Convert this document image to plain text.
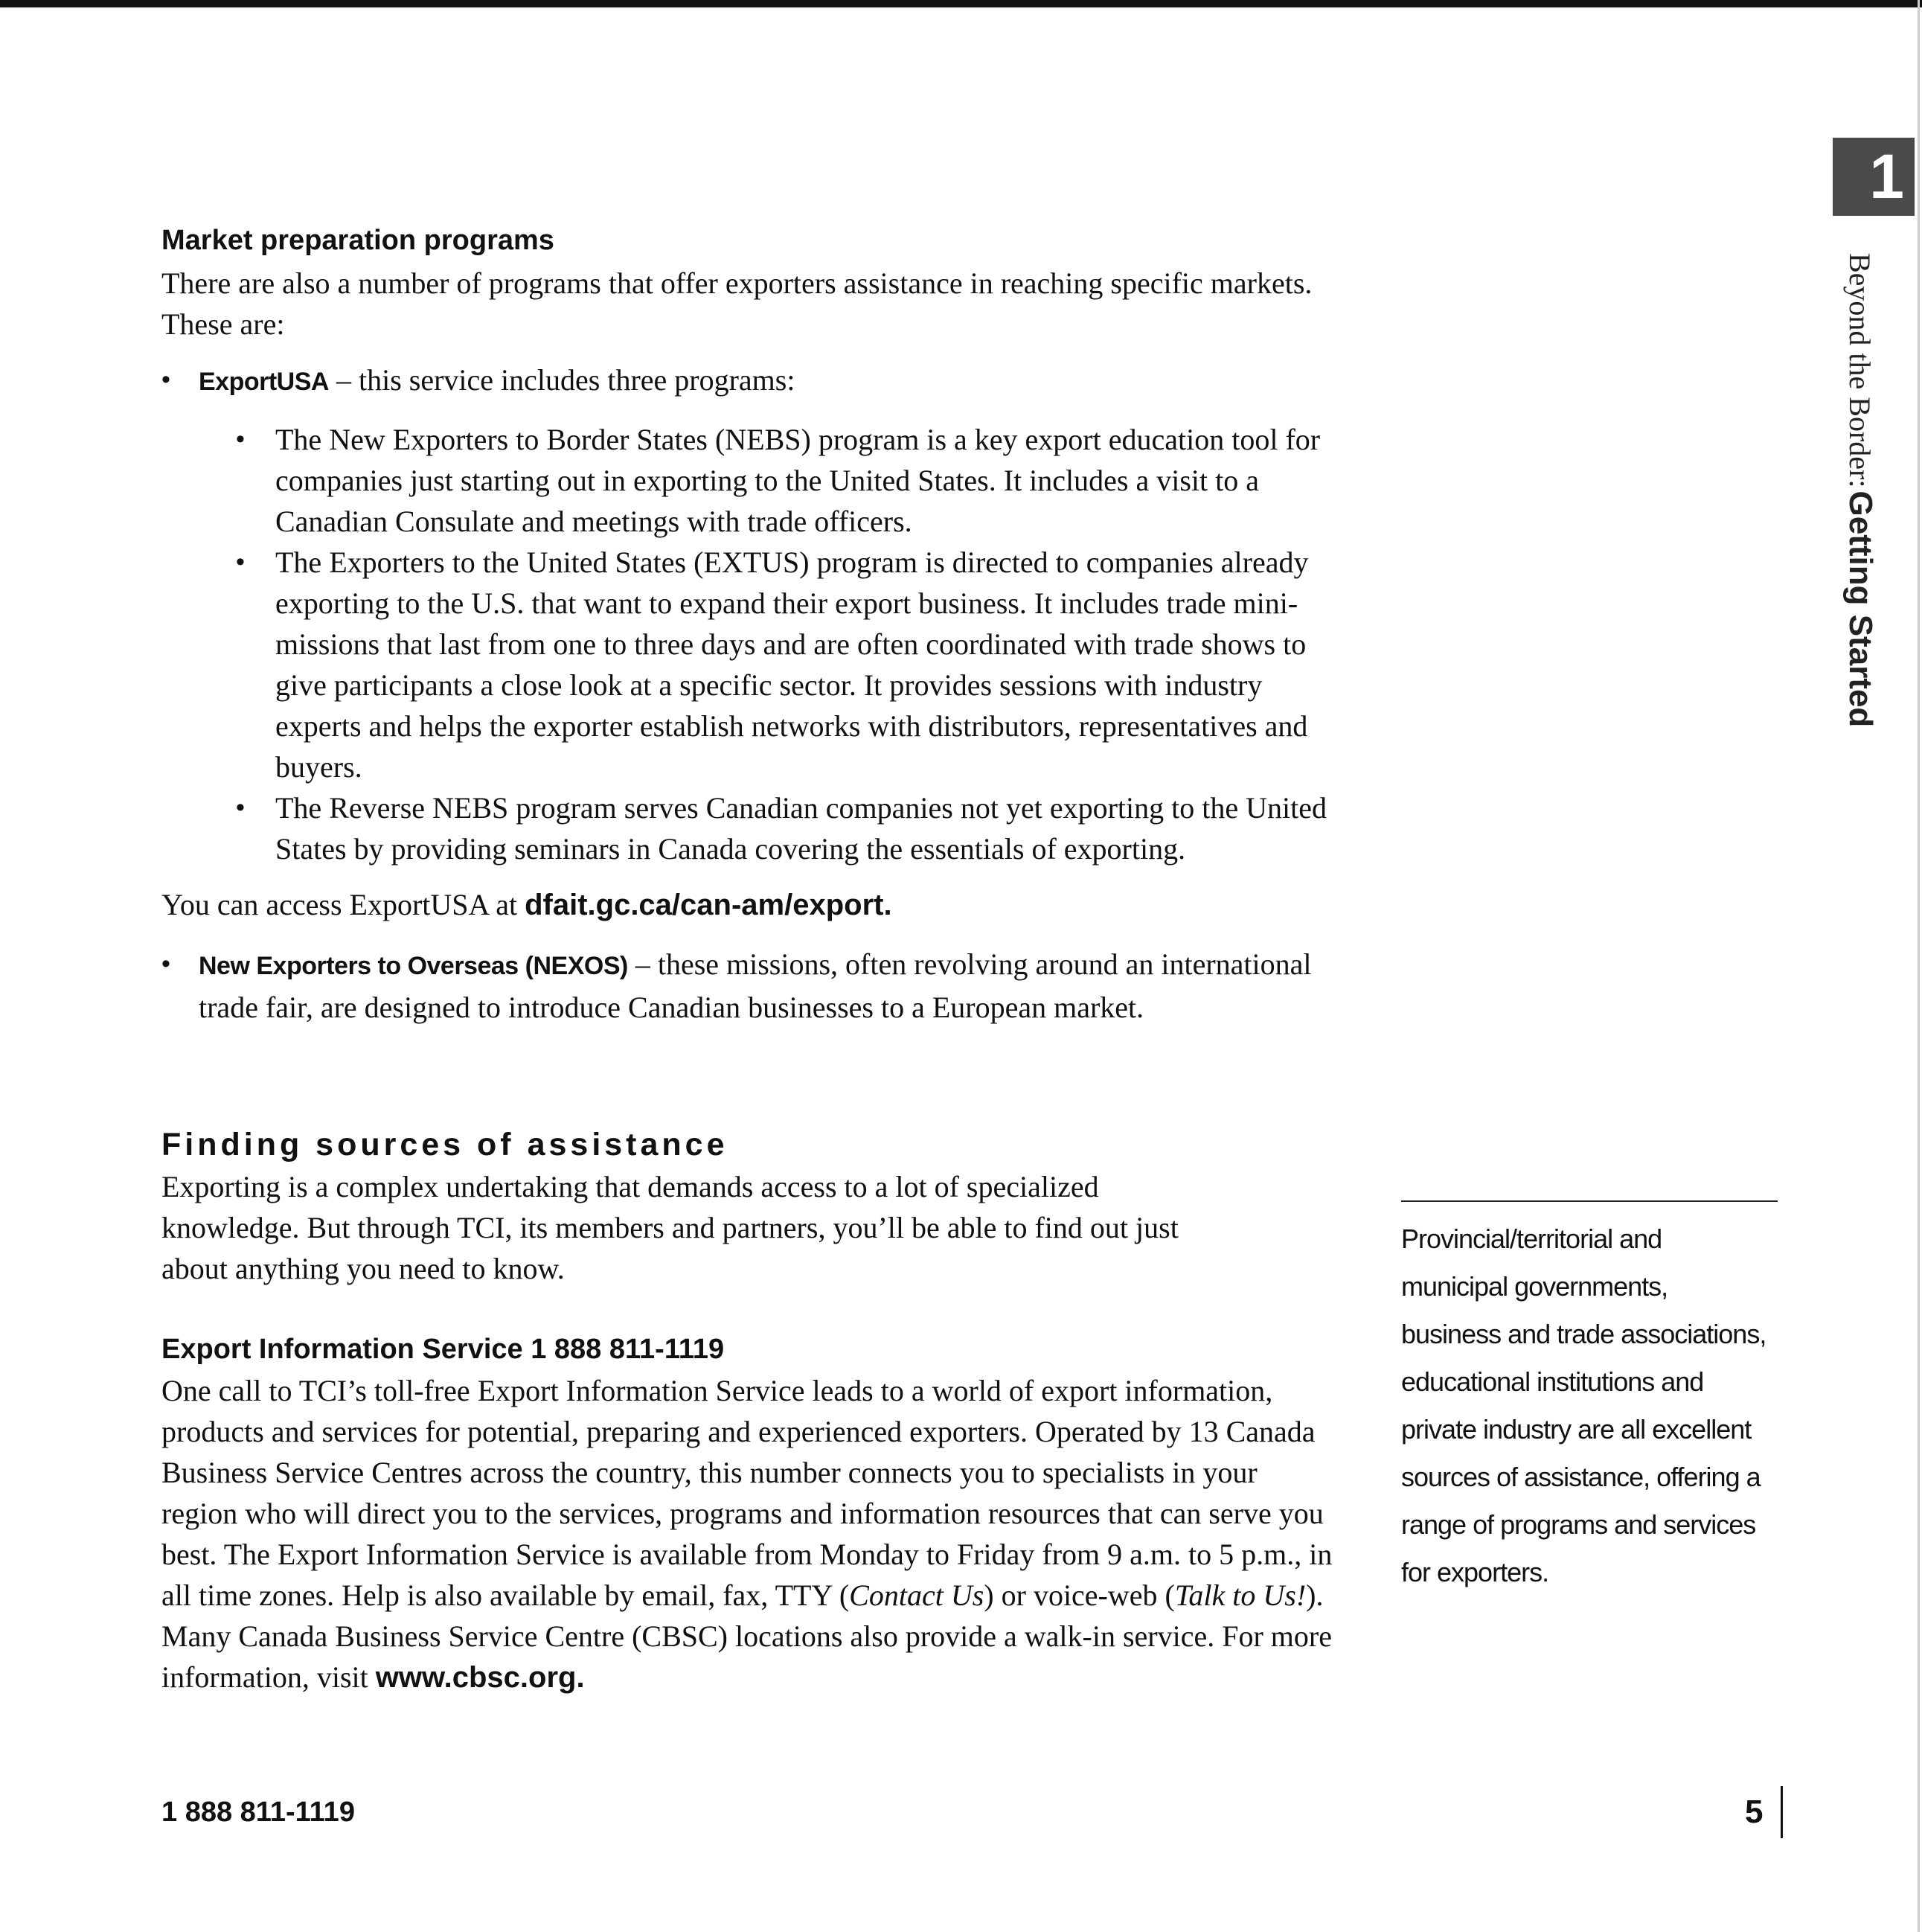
1
Beyond the Border: Getting Started
Market preparation programs

There are also a number of programs that offer exporters assistance in reaching specific markets. These are:

• ExportUSA – this service includes three programs:
• The New Exporters to Border States (NEBS) program is a key export education tool for companies just starting out in exporting to the United States. It includes a visit to a Canadian Consulate and meetings with trade officers.
• The Exporters to the United States (EXTUS) program is directed to companies already exporting to the U.S. that want to expand their export business. It includes trade mini-missions that last from one to three days and are often coordinated with trade shows to give participants a close look at a specific sector. It provides sessions with industry experts and helps the exporter establish networks with distributors, representatives and buyers.
• The Reverse NEBS program serves Canadian companies not yet exporting to the United States by providing seminars in Canada covering the essentials of exporting.

You can access ExportUSA at dfait.gc.ca/can-am/export.

• New Exporters to Overseas (NEXOS) – these missions, often revolving around an international trade fair, are designed to introduce Canadian businesses to a European market.
Finding sources of assistance

Exporting is a complex undertaking that demands access to a lot of specialized knowledge. But through TCI, its members and partners, you’ll be able to find out just about anything you need to know.

Export Information Service 1 888 811-1119

One call to TCI’s toll-free Export Information Service leads to a world of export information, products and services for potential, preparing and experienced exporters. Operated by 13 Canada Business Service Centres across the country, this number connects you to specialists in your region who will direct you to the services, programs and information resources that can serve you best. The Export Information Service is available from Monday to Friday from 9 a.m. to 5 p.m., in all time zones. Help is also available by email, fax, TTY (Contact Us) or voice-web (Talk to Us!). Many Canada Business Service Centre (CBSC) locations also provide a walk-in service. For more information, visit www.cbsc.org.

Provincial/territorial and municipal governments, business and trade associations, educational institutions and private industry are all excellent sources of assistance, offering a range of programs and services for exporters.

1 888 811-1119	5
